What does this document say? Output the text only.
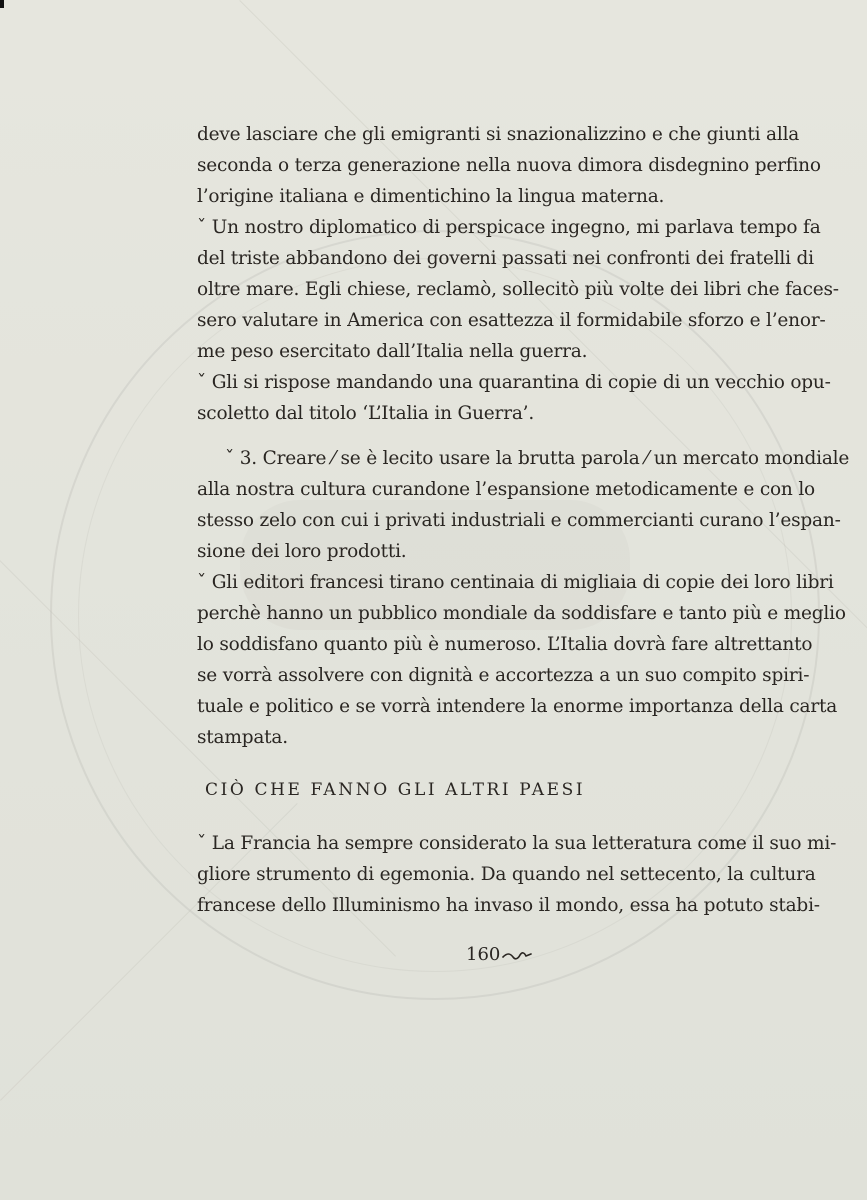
deve lasciare che gli emigranti si snazionalizzino e che giunti alla
seconda o terza generazione nella nuova dimora disdegnino perfino
l’origine italiana e dimentichino la lingua materna.
ˇ Un nostro diplomatico di perspicace ingegno, mi parlava tempo fa
del triste abbandono dei governi passati nei confronti dei fratelli di
oltre mare. Egli chiese, reclamò, sollecitò più volte dei libri che faces-
sero valutare in America con esattezza il formidabile sforzo e l’enor-
me peso esercitato dall’Italia nella guerra.
ˇ Gli si rispose mandando una quarantina di copie di un vecchio opu-
scoletto dal titolo ‘L’Italia in Guerra’.
ˇ 3. Creare ⁄ se è lecito usare la brutta parola ⁄ un mercato mondiale
alla nostra cultura curandone l’espansione metodicamente e con lo
stesso zelo con cui i privati industriali e commercianti curano l’espan-
sione dei loro prodotti.
ˇ Gli editori francesi tirano centinaia di migliaia di copie dei loro libri
perchè hanno un pubblico mondiale da soddisfare e tanto più e meglio
lo soddisfano quanto più è numeroso. L’Italia dovrà fare altrettanto
se vorrà assolvere con dignità e accortezza a un suo compito spiri-
tuale e politico e se vorrà intendere la enorme importanza della carta
stampata.
CIÒ CHE FANNO GLI ALTRI PAESI
ˇ La Francia ha sempre considerato la sua letteratura come il suo mi-
gliore strumento di egemonia. Da quando nel settecento, la cultura
francese dello Illuminismo ha invaso il mondo, essa ha potuto stabi-
160
